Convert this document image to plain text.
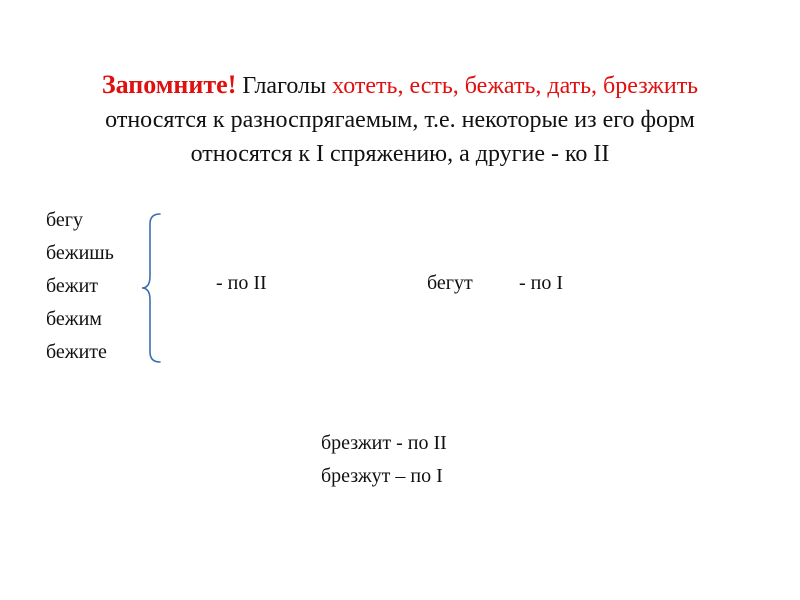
Запомните! Глаголы хотеть, есть, бежать, дать, брезжить
относятся к разноспрягаемым, т.е. некоторые из его форм
относятся к I спряжению, а другие - ко II
бегу
бежишь
бежит
бежим
бежите
- по II	бегут - по I
брезжит - по II
брезжут – по I
